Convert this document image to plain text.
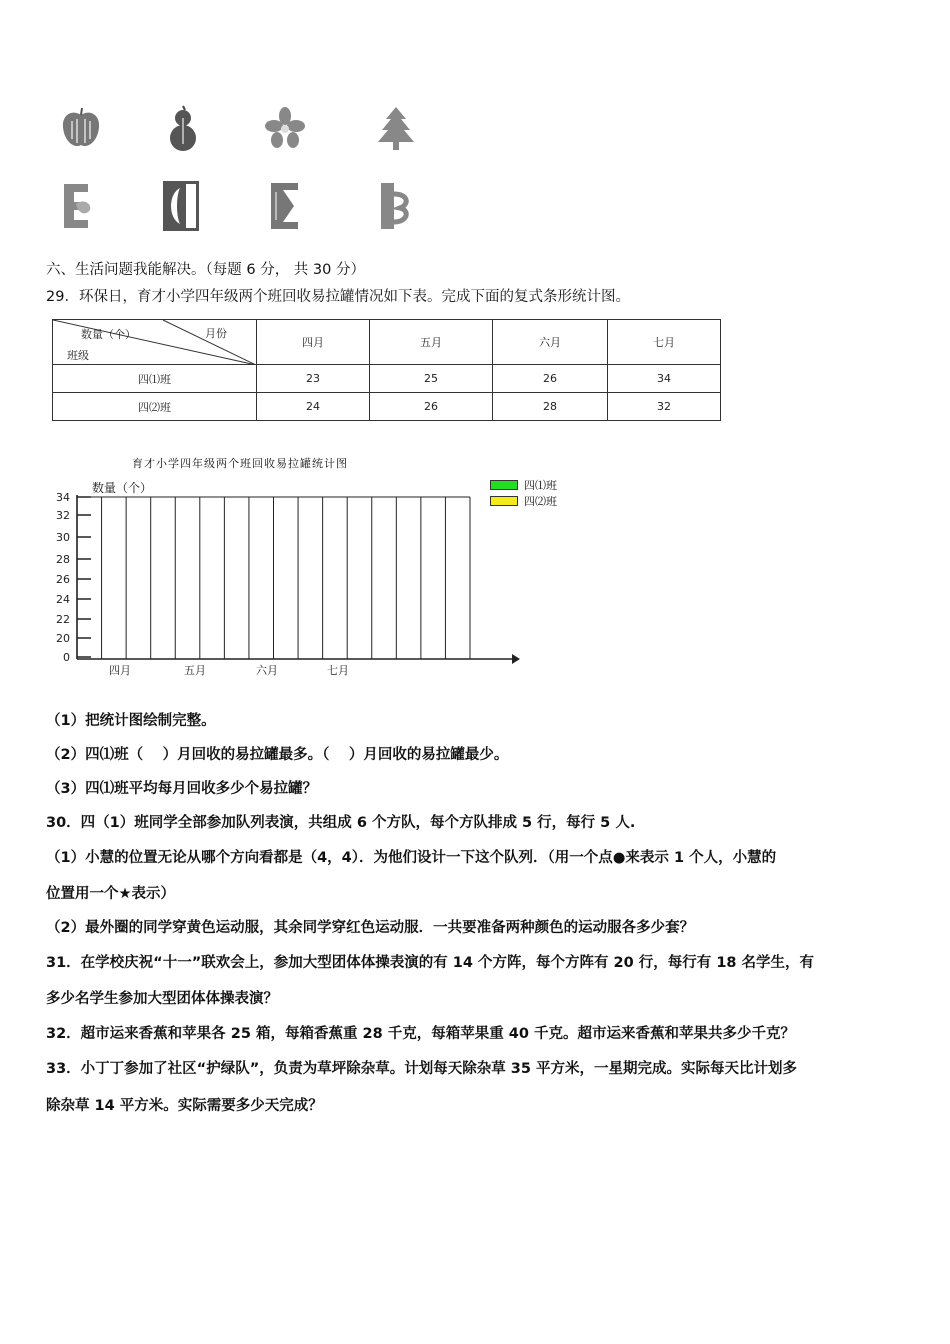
六、生活问题我能解决。（每题 6 分， 共 30 分）
29．环保日，育才小学四年级两个班回收易拉罐情况如下表。完成下面的复式条形统计图。
数量（个） 月份
班级	四月	五月	六月	七月
四⑴班	23	25	26	34
四⑵班	24	26	28	32
育才小学四年级两个班回收易拉罐统计图
数量（个）	四⑴班
四⑵班
34
32
30
28
26
24
22
20
0
四月	五月	六月	七月
（1）把统计图绘制完整。
（2）四⑴班（　 ）月回收的易拉罐最多。（　 ）月回收的易拉罐最少。
（3）四⑴班平均每月回收多少个易拉罐？
30．四（1）班同学全部参加队列表演，共组成 6 个方队，每个方队排成 5 行，每行 5 人.
（1）小慧的位置无论从哪个方向看都是（4，4）．为他们设计一下这个队列．（用一个点●来表示 1 个人，小慧的
位置用一个★表示）
（2）最外圈的同学穿黄色运动服，其余同学穿红色运动服．一共要准备两种颜色的运动服各多少套？
31．在学校庆祝“十一”联欢会上，参加大型团体体操表演的有 14 个方阵，每个方阵有 20 行，每行有 18 名学生，有
多少名学生参加大型团体体操表演？
32．超市运来香蕉和苹果各 25 箱，每箱香蕉重 28 千克，每箱苹果重 40 千克。超市运来香蕉和苹果共多少千克？
33．小丁丁参加了社区“护绿队”，负责为草坪除杂草。计划每天除杂草 35 平方米，一星期完成。实际每天比计划多
除杂草 14 平方米。实际需要多少天完成？
